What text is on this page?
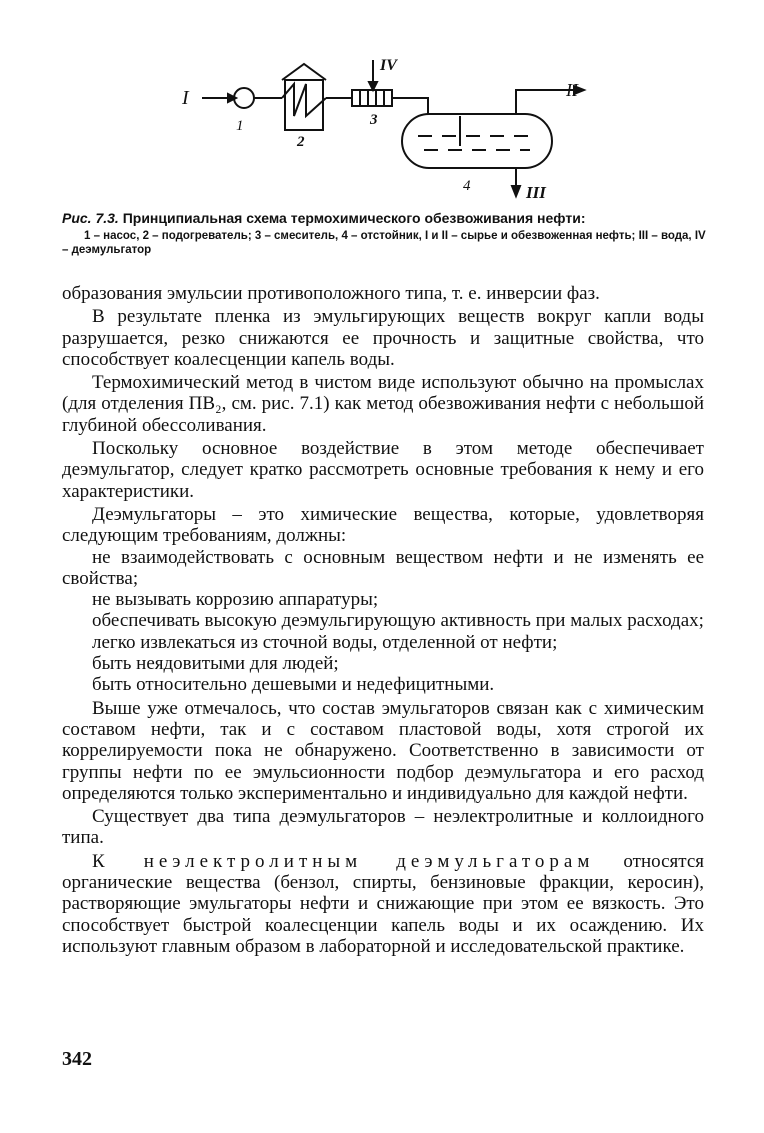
I
1
2
IV
3
II
4	III
Рис. 7.3. Принципиальная схема термохимического обезвоживания нефти:
1 – насос, 2 – подогреватель; 3 – смеситель, 4 – отстойник, I и II – сырье и обезвоженная нефть; III – вода, IV – деэмульгатор

образования эмульсии противоположного типа, т. е. инверсии фаз.

В результате пленка из эмульгирующих веществ вокруг капли воды разрушается, резко снижаются ее прочность и защитные свойства, что способствует коалесценции капель воды.

Термохимический метод в чистом виде используют обычно на промыслах (для отделения ПВ₂, см. рис. 7.1) как метод обезвоживания нефти с небольшой глубиной обессоливания.

Поскольку основное воздействие в этом методе обеспечивает деэмульгатор, следует кратко рассмотреть основные требования к нему и его характеристики.

Деэмульгаторы – это химические вещества, которые, удовлетворяя следующим требованиям, должны:

не взаимодействовать с основным веществом нефти и не изменять ее свойства;

не вызывать коррозию аппаратуры;

обеспечивать высокую деэмульгирующую активность при малых расходах;

легко извлекаться из сточной воды, отделенной от нефти;

быть неядовитыми для людей;

быть относительно дешевыми и недефицитными.

Выше уже отмечалось, что состав эмульгаторов связан как с химическим составом нефти, так и с составом пластовой воды, хотя строгой их коррелируемости пока не обнаружено. Соответственно в зависимости от группы нефти по ее эмульсионности подбор деэмульгатора и его расход определяются только экспериментально и индивидуально для каждой нефти.

Существует два типа деэмульгаторов – неэлектролитные и коллоидного типа.

К неэлектролитным деэмульгаторам относятся органические вещества (бензол, спирты, бензиновые фракции, керосин), растворяющие эмульгаторы нефти и снижающие при этом ее вязкость. Это способствует быстрой коалесценции капель воды и их осаждению. Их используют главным образом в лабораторной и исследовательской практике.

342
